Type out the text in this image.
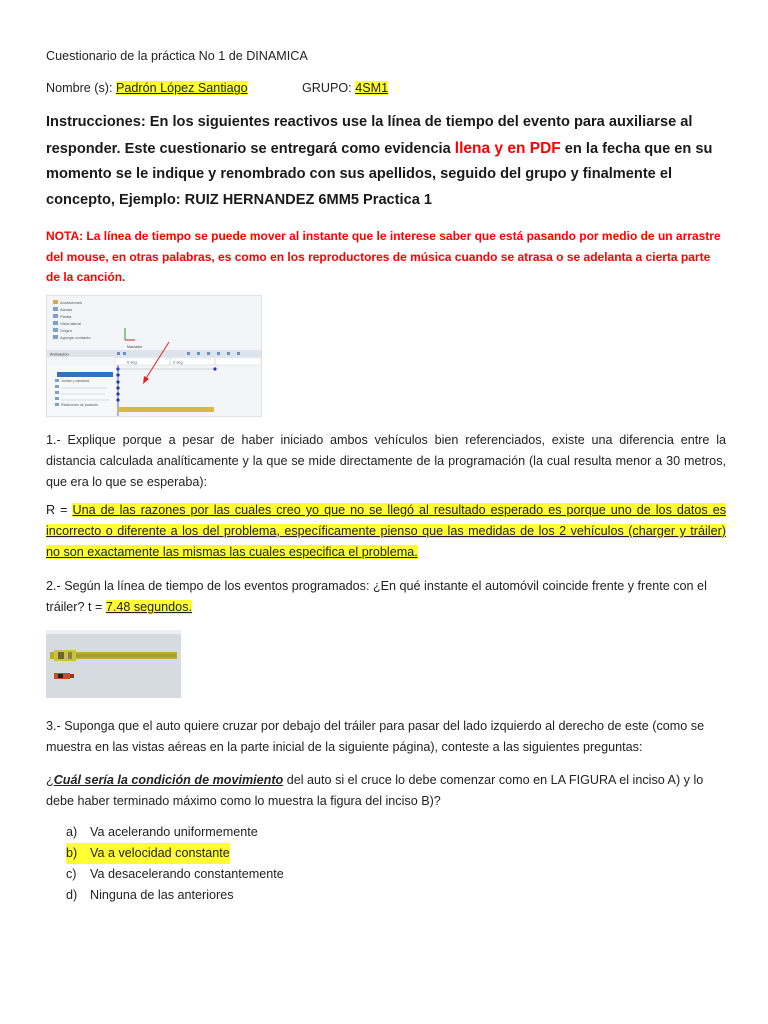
Cuestionario de la práctica No 1 de DINAMICA
Nombre (s): Padrón López Santiago	GRUPO: 4SM1
Instrucciones: En los siguientes reactivos use la línea de tiempo del evento para auxiliarse al responder. Este cuestionario se entregará como evidencia llena y en PDF en la fecha que en su momento se le indique y renombrado con sus apellidos, seguido del grupo y finalmente el concepto, Ejemplo: RUIZ HERNANDEZ 6MM5 Practica 1
NOTA: La línea de tiempo se puede mover al instante que le interese saber que está pasando por medio de un arrastre del mouse, en otras palabras, es como en los reproductores de música cuando se atrasa o se adelanta a cierta parte de la canción.
Anotaciones
Alzado
Planta
Vista lateral
Origen
Agregar contacto
Animación
Marcador
0 seg	2 seg
Juntas y cámaras
Relaciones de posición
1.- Explique porque a pesar de haber iniciado ambos vehículos bien referenciados, existe una diferencia entre la distancia calculada analíticamente y la que se mide directamente de la programación (la cual resulta menor a 30 metros, que era lo que se esperaba):
R = Una de las razones por las cuales creo yo que no se llegó al resultado esperado es porque uno de los datos es incorrecto o diferente a los del problema, específicamente pienso que las medidas de los 2 vehículos (charger y tráiler) no son exactamente las mismas las cuales especifica el problema.
2.- Según la línea de tiempo de los eventos programados: ¿En qué instante el automóvil coincide frente y frente con el tráiler? t = 7.48 segundos.
3.- Suponga que el auto quiere cruzar por debajo del tráiler para pasar del lado izquierdo al derecho de este (como se muestra en las vistas aéreas en la parte inicial de la siguiente página), conteste a las siguientes preguntas:
¿Cuál sería la condición de movimiento del auto si el cruce lo debe comenzar como en LA FIGURA el inciso A) y lo debe haber terminado máximo como lo muestra la figura del inciso B)?
a)	Va acelerando uniformemente
b)	Va a velocidad constante
c)	Va desacelerando constantemente
d)	Ninguna de las anteriores
